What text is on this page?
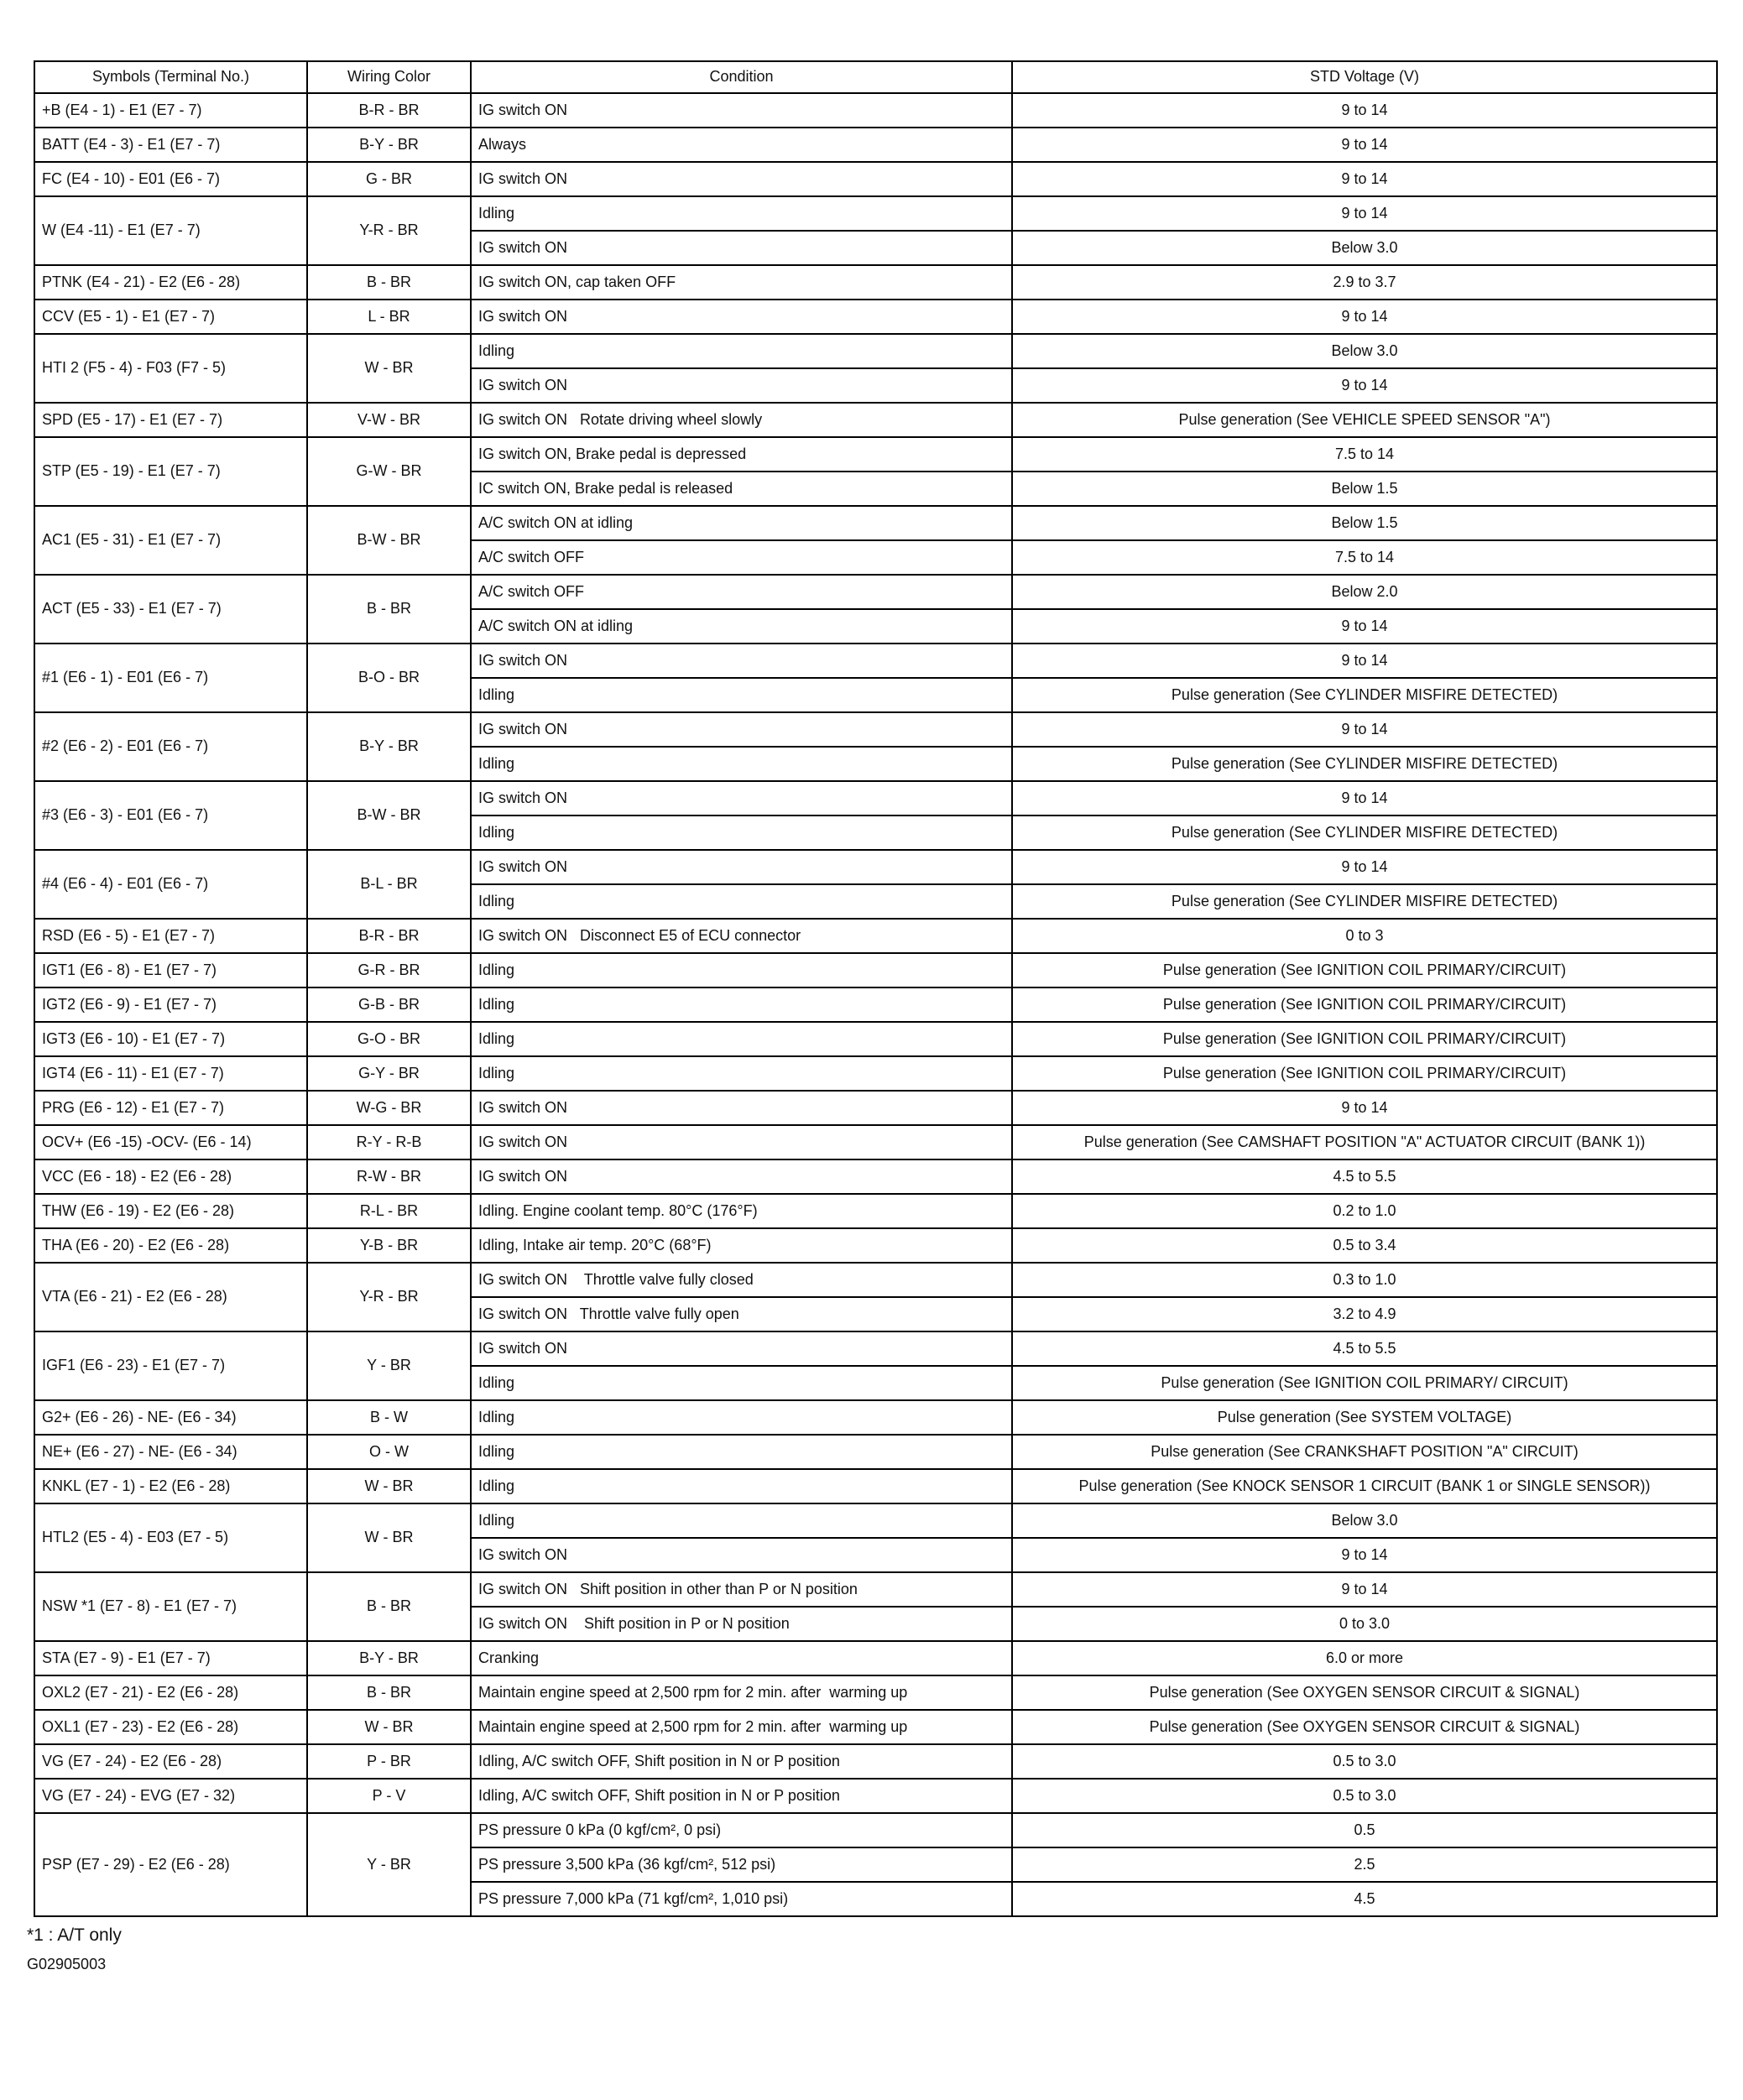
Symbols (Terminal No.)	Wiring Color	Condition	STD Voltage (V)
+B (E4 - 1) - E1 (E7 - 7)	B-R - BR	IG switch ON	9 to 14
BATT (E4 - 3) - E1 (E7 - 7)	B-Y - BR	Always	9 to 14
FC (E4 - 10) - E01 (E6 - 7)	G - BR	IG switch ON	9 to 14
W (E4 -11) - E1 (E7 - 7)	Y-R - BR	Idling	9 to 14
		IG switch ON	Below 3.0
PTNK (E4 - 21) - E2 (E6 - 28)	B - BR	IG switch ON, cap taken OFF	2.9 to 3.7
CCV (E5 - 1) - E1 (E7 - 7)	L - BR	IG switch ON	9 to 14
HTI 2 (F5 - 4) - F03 (F7 - 5)	W - BR	Idling	Below 3.0
		IG switch ON	9 to 14
SPD (E5 - 17) - E1 (E7 - 7)	V-W - BR	IG switch ON   Rotate driving wheel slowly	Pulse generation (See VEHICLE SPEED SENSOR "A")
STP (E5 - 19) - E1 (E7 - 7)	G-W - BR	IG switch ON, Brake pedal is depressed	7.5 to 14
		IC switch ON, Brake pedal is released	Below 1.5
AC1 (E5 - 31) - E1 (E7 - 7)	B-W - BR	A/C switch ON at idling	Below 1.5
		A/C switch OFF	7.5 to 14
ACT (E5 - 33) - E1 (E7 - 7)	B - BR	A/C switch OFF	Below 2.0
		A/C switch ON at idling	9 to 14
#1 (E6 - 1) - E01 (E6 - 7)	B-O - BR	IG switch ON	9 to 14
		Idling	Pulse generation (See CYLINDER MISFIRE DETECTED)
#2 (E6 - 2) - E01 (E6 - 7)	B-Y - BR	IG switch ON	9 to 14
		Idling	Pulse generation (See CYLINDER MISFIRE DETECTED)
#3 (E6 - 3) - E01 (E6 - 7)	B-W - BR	IG switch ON	9 to 14
		Idling	Pulse generation (See CYLINDER MISFIRE DETECTED)
#4 (E6 - 4) - E01 (E6 - 7)	B-L - BR	IG switch ON	9 to 14
		Idling	Pulse generation (See CYLINDER MISFIRE DETECTED)
RSD (E6 - 5) - E1 (E7 - 7)	B-R - BR	IG switch ON   Disconnect E5 of ECU connector	0 to 3
IGT1 (E6 - 8) - E1 (E7 - 7)	G-R - BR	Idling	Pulse generation (See IGNITION COIL PRIMARY/CIRCUIT)
IGT2 (E6 - 9) - E1 (E7 - 7)	G-B - BR	Idling	Pulse generation (See IGNITION COIL PRIMARY/CIRCUIT)
IGT3 (E6 - 10) - E1 (E7 - 7)	G-O - BR	Idling	Pulse generation (See IGNITION COIL PRIMARY/CIRCUIT)
IGT4 (E6 - 11) - E1 (E7 - 7)	G-Y - BR	Idling	Pulse generation (See IGNITION COIL PRIMARY/CIRCUIT)
PRG (E6 - 12) - E1 (E7 - 7)	W-G - BR	IG switch ON	9 to 14
OCV+ (E6 -15) -OCV- (E6 - 14)	R-Y - R-B	IG switch ON	Pulse generation (See CAMSHAFT POSITION "A" ACTUATOR CIRCUIT (BANK 1))
VCC (E6 - 18) - E2 (E6 - 28)	R-W - BR	IG switch ON	4.5 to 5.5
THW (E6 - 19) - E2 (E6 - 28)	R-L - BR	Idling. Engine coolant temp. 80°C (176°F)	0.2 to 1.0
THA (E6 - 20) - E2 (E6 - 28)	Y-B - BR	Idling, Intake air temp. 20°C (68°F)	0.5 to 3.4
VTA (E6 - 21) - E2 (E6 - 28)	Y-R - BR	IG switch ON    Throttle valve fully closed	0.3 to 1.0
		IG switch ON   Throttle valve fully open	3.2 to 4.9
IGF1 (E6 - 23) - E1 (E7 - 7)	Y - BR	IG switch ON	4.5 to 5.5
		Idling	Pulse generation (See IGNITION COIL PRIMARY/ CIRCUIT)
G2+ (E6 - 26) - NE- (E6 - 34)	B - W	Idling	Pulse generation (See SYSTEM VOLTAGE)
NE+ (E6 - 27) - NE- (E6 - 34)	O - W	Idling	Pulse generation (See CRANKSHAFT POSITION "A" CIRCUIT)
KNKL (E7 - 1) - E2 (E6 - 28)	W - BR	Idling	Pulse generation (See KNOCK SENSOR 1 CIRCUIT (BANK 1 or SINGLE SENSOR))
HTL2 (E5 - 4) - E03 (E7 - 5)	W - BR	Idling	Below 3.0
		IG switch ON	9 to 14
NSW *1 (E7 - 8) - E1 (E7 - 7)	B - BR	IG switch ON   Shift position in other than P or N position	9 to 14
		IG switch ON    Shift position in P or N position	0 to 3.0
STA (E7 - 9) - E1 (E7 - 7)	B-Y - BR	Cranking	6.0 or more
OXL2 (E7 - 21) - E2 (E6 - 28)	B - BR	Maintain engine speed at 2,500 rpm for 2 min. after  warming up	Pulse generation (See OXYGEN SENSOR CIRCUIT & SIGNAL)
OXL1 (E7 - 23) - E2 (E6 - 28)	W - BR	Maintain engine speed at 2,500 rpm for 2 min. after  warming up	Pulse generation (See OXYGEN SENSOR CIRCUIT & SIGNAL)
VG (E7 - 24) - E2 (E6 - 28)	P - BR	Idling, A/C switch OFF, Shift position in N or P position	0.5 to 3.0
VG (E7 - 24) - EVG (E7 - 32)	P - V	Idling, A/C switch OFF, Shift position in N or P position	0.5 to 3.0
PSP (E7 - 29) - E2 (E6 - 28)	Y - BR	PS pressure 0 kPa (0 kgf/cm², 0 psi)	0.5
		PS pressure 3,500 kPa (36 kgf/cm², 512 psi)	2.5
		PS pressure 7,000 kPa (71 kgf/cm², 1,010 psi)	4.5
*1 : A/T only
G02905003
